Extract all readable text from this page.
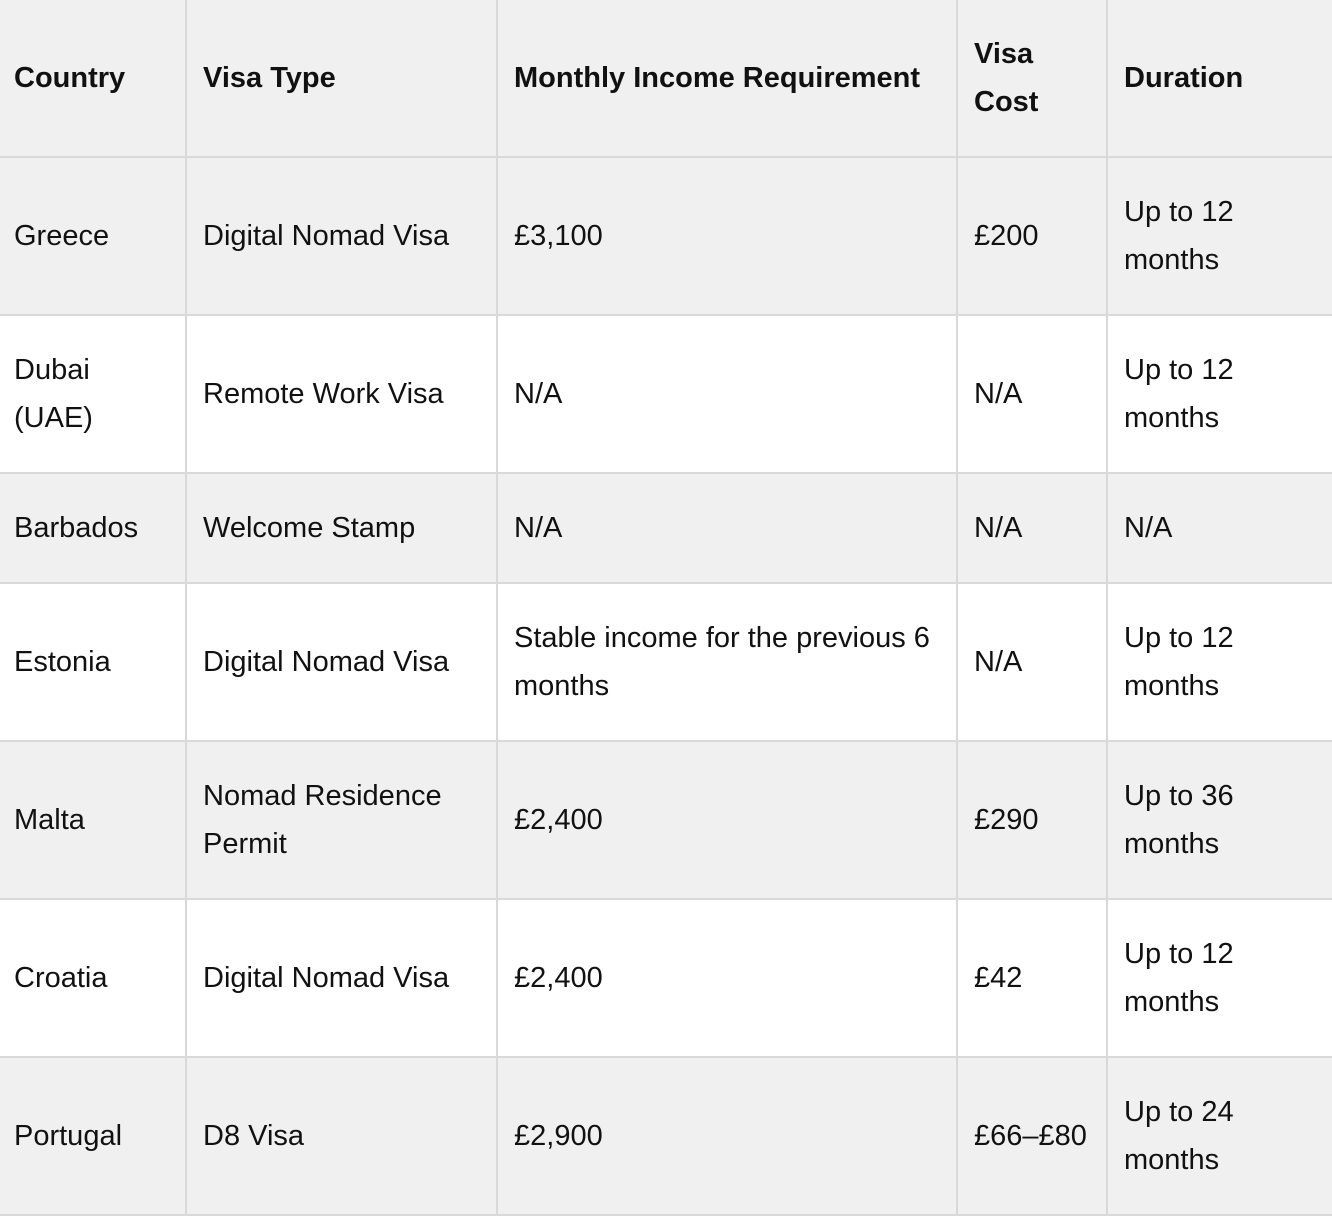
Country	Visa Type	Monthly Income Requirement	Visa Cost	Duration
Greece	Digital Nomad Visa	£3,100	£200	Up to 12 months
Dubai (UAE)	Remote Work Visa	N/A	N/A	Up to 12 months
Barbados	Welcome Stamp	N/A	N/A	N/A
Estonia	Digital Nomad Visa	Stable income for the previous 6 months	N/A	Up to 12 months
Malta	Nomad Residence Permit	£2,400	£290	Up to 36 months
Croatia	Digital Nomad Visa	£2,400	£42	Up to 12 months
Portugal	D8 Visa	£2,900	£66–£80	Up to 24 months
